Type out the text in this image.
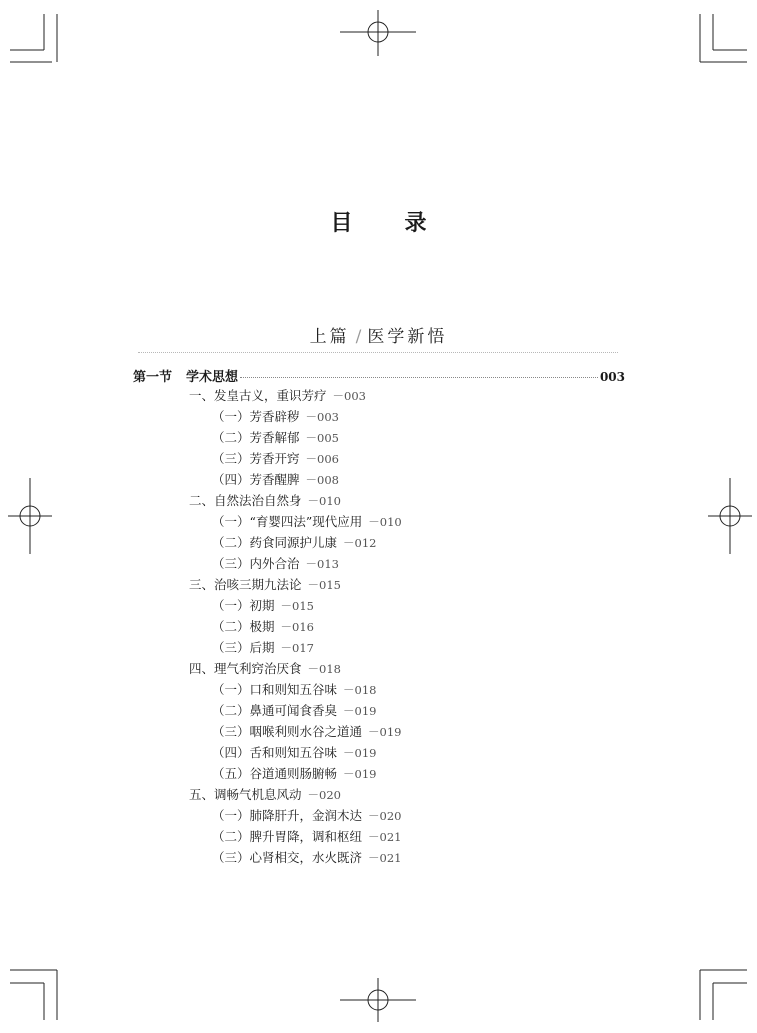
目 录
上篇 / 医学新悟
第一节 学术思想	003
一、发皇古义，重识芳疗 －003
（一）芳香辟秽 －003
（二）芳香解郁 －005
（三）芳香开窍 －006
（四）芳香醒脾 －008
二、自然法治自然身 －010
（一）“育婴四法”现代应用 －010
（二）药食同源护儿康 －012
（三）内外合治 －013
三、治咳三期九法论 －015
（一）初期 －015
（二）极期 －016
（三）后期 －017
四、理气利窍治厌食 －018
（一）口和则知五谷味 －018
（二）鼻通可闻食香臭 －019
（三）咽喉利则水谷之道通 －019
（四）舌和则知五谷味 －019
（五）谷道通则肠腑畅 －019
五、调畅气机息风动 －020
（一）肺降肝升，金润木达 －020
（二）脾升胃降，调和枢纽 －021
（三）心肾相交，水火既济 －021
